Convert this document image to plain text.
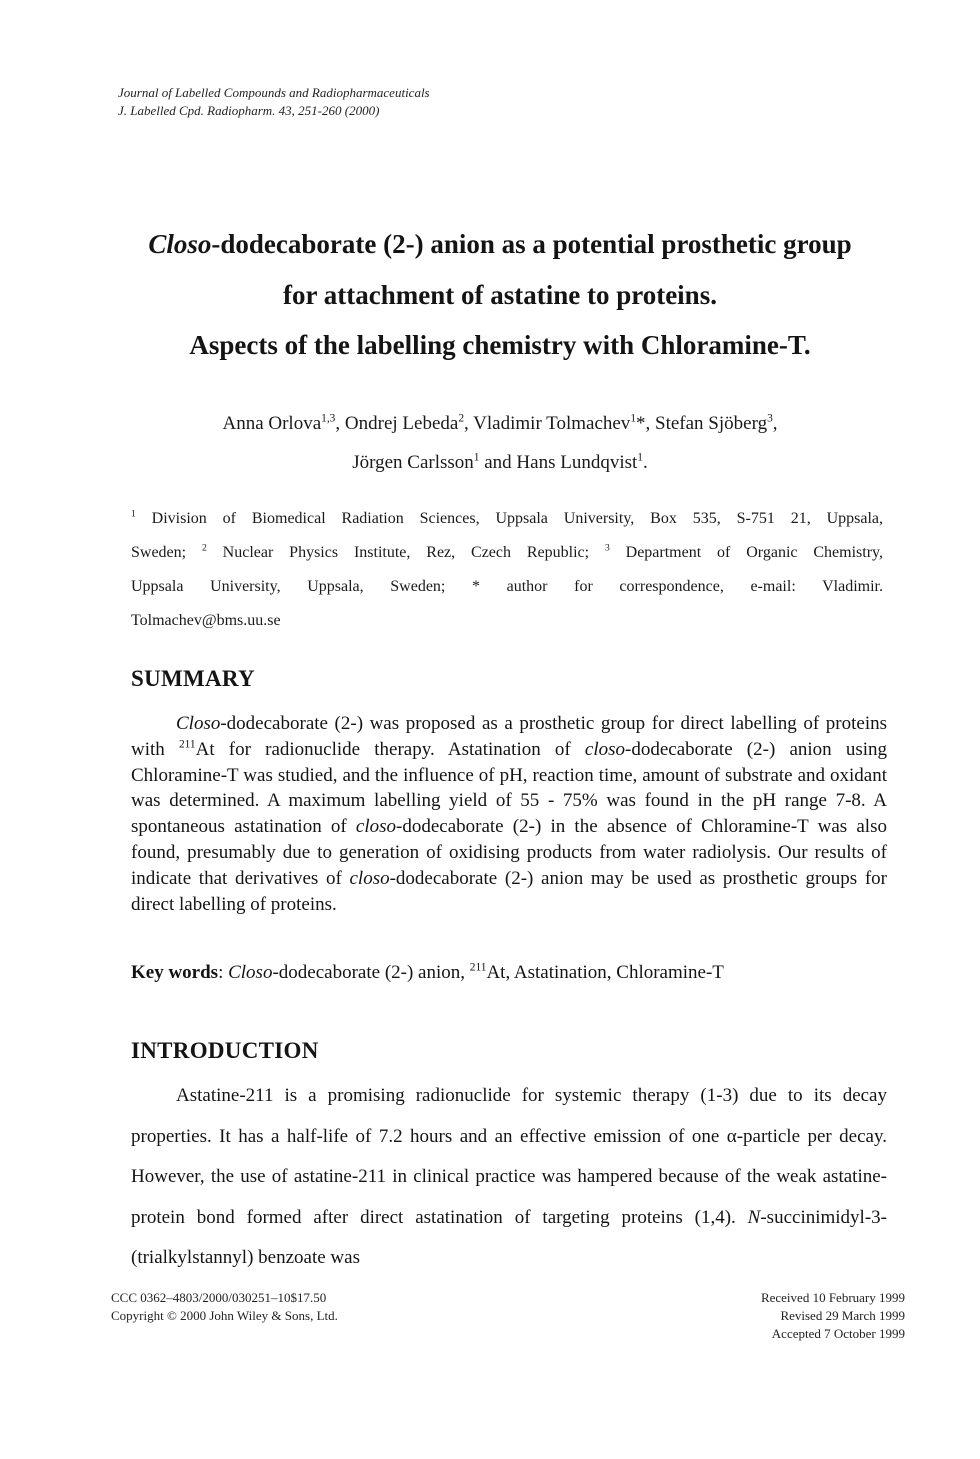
Journal of Labelled Compounds and Radiopharmaceuticals
J. Labelled Cpd. Radiopharm. 43, 251-260 (2000)
Closo-dodecaborate (2-) anion as a potential prosthetic group
for attachment of astatine to proteins.
Aspects of the labelling chemistry with Chloramine-T.
Anna Orlova$^{1,3}$, Ondrej Lebeda$^2$, Vladimir Tolmachev$^1$*, Stefan Sjöberg$^3$,
Jörgen Carlsson$^1$ and Hans Lundqvist$^1$.
$^1$ Division of Biomedical Radiation Sciences, Uppsala University, Box 535, S-751 21, Uppsala,
Sweden; $^2$ Nuclear Physics Institute, Rez, Czech Republic; $^3$ Department of Organic Chemistry,
Uppsala University, Uppsala, Sweden; * author for correspondence, e-mail: Vladimir.
Tolmachev@bms.uu.se
SUMMARY

Closo-dodecaborate (2-) was proposed as a prosthetic group for direct labelling of proteins with $^{211}$At for radionuclide therapy. Astatination of closo-dodecaborate (2-) anion using Chloramine-T was studied, and the influence of pH, reaction time, amount of substrate and oxidant was determined. A maximum labelling yield of 55 - 75% was found in the pH range 7-8. A spontaneous astatination of closo-dodecaborate (2-) in the absence of Chloramine-T was also found, presumably due to generation of oxidising products from water radiolysis. Our results of indicate that derivatives of closo-dodecaborate (2-) anion may be used as prosthetic groups for direct labelling of proteins.

Key words: Closo-dodecaborate (2-) anion, $^{211}$At, Astatination, Chloramine-T
INTRODUCTION

Astatine-211 is a promising radionuclide for systemic therapy (1-3) due to its decay properties. It has a half-life of 7.2 hours and an effective emission of one α-particle per decay. However, the use of astatine-211 in clinical practice was hampered because of the weak astatine-protein bond formed after direct astatination of targeting proteins (1,4). N-succinimidyl-3-(trialkylstannyl) benzoate was

CCC 0362–4803/2000/030251–10$17.50
Copyright © 2000 John Wiley & Sons, Ltd.
Received 10 February 1999
Revised 29 March 1999
Accepted 7 October 1999
